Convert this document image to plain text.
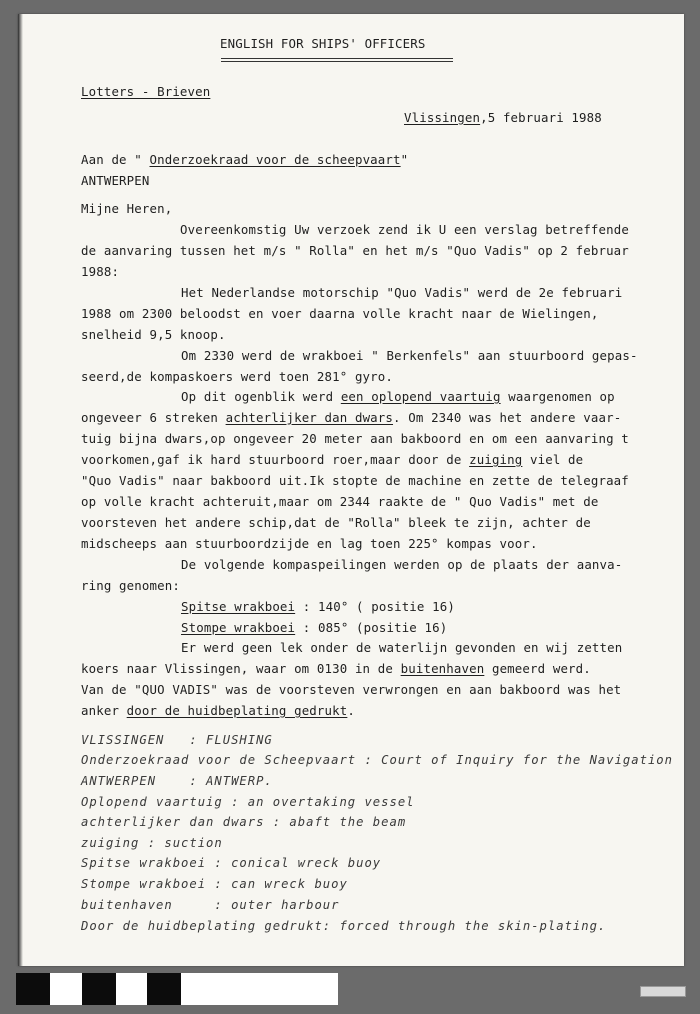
ENGLISH FOR SHIPS' OFFICERS
Lotters - Brieven
Vlissingen,5 februari 1988
Aan de " Onderzoekraad voor de scheepvaart"
ANTWERPEN
Mijne Heren,
Overeenkomstig Uw verzoek zend ik U een verslag betreffende
de aanvaring tussen het m/s " Rolla" en het m/s "Quo Vadis" op 2 februar
1988:
Het Nederlandse motorschip "Quo Vadis" werd de 2e februari
1988 om 2300 beloodst en voer daarna volle kracht naar de Wielingen,
snelheid 9,5 knoop.
Om 2330 werd de wrakboei " Berkenfels" aan stuurboord gepas-
seerd,de kompaskoers werd toen 281° gyro.
Op dit ogenblik werd een oplopend vaartuig waargenomen op
ongeveer 6 streken achterlijker dan dwars. Om 2340 was het andere vaar-
tuig bijna dwars,op ongeveer 20 meter aan bakboord en om een aanvaring t
voorkomen,gaf ik hard stuurboord roer,maar door de zuiging viel de
"Quo Vadis" naar bakboord uit.Ik stopte de machine en zette de telegraaf
op volle kracht achteruit,maar om 2344 raakte de " Quo Vadis" met de
voorsteven het andere schip,dat de "Rolla" bleek te zijn, achter de
midscheeps aan stuurboordzijde en lag toen 225° kompas voor.
De volgende kompaspeilingen werden op de plaats der aanva-
ring genomen:
Spitse wrakboei : 140° ( positie 16)
Stompe wrakboei : 085° (positie 16)
Er werd geen lek onder de waterlijn gevonden en wij zetten
koers naar Vlissingen, waar om 0130 in de buitenhaven gemeerd werd.
Van de "QUO VADIS" was de voorsteven verwrongen en aan bakboord was het
anker door de huidbeplating gedrukt.
VLISSINGEN   : FLUSHING
Onderzoekraad voor de Scheepvaart : Court of Inquiry for the Navigation
ANTWERPEN    : ANTWERP.
Oplopend vaartuig : an overtaking vessel
achterlijker dan dwars : abaft the beam
zuiging : suction
Spitse wrakboei : conical wreck buoy
Stompe wrakboei : can wreck buoy
buitenhaven     : outer harbour
Door de huidbeplating gedrukt: forced through the skin-plating.
